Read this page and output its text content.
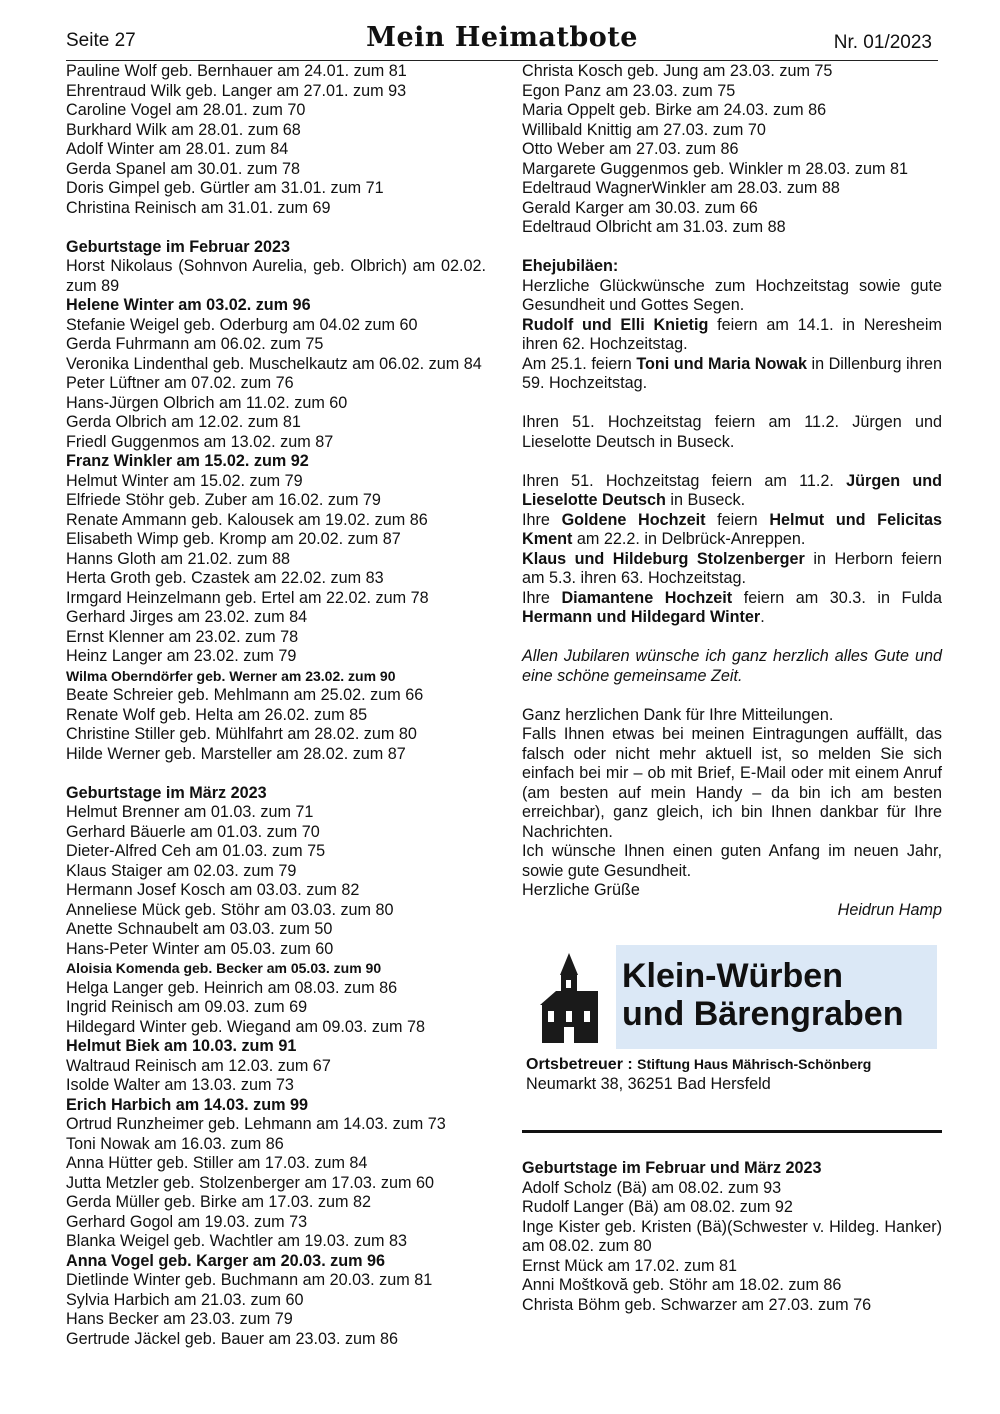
Seite 27	Mein Heimatbote	Nr. 01/2023

Pauline Wolf geb. Bernhauer am 24.01. zum 81

Ehrentraud Wilk geb. Langer am 27.01. zum 93

Caroline Vogel am 28.01. zum 70

Burkhard Wilk am 28.01. zum 68

Adolf Winter am 28.01. zum 84

Gerda Spanel am 30.01. zum 78

Doris Gimpel geb. Gürtler am 31.01. zum 71

Christina Reinisch am 31.01. zum 69

Geburtstage im Februar 2023

Horst Nikolaus (Sohnvon Aurelia, geb. Olbrich) am 02.02. zum 89

Helene Winter am 03.02. zum 96

Stefanie Weigel geb. Oderburg am 04.02 zum 60

Gerda Fuhrmann am 06.02. zum 75

Veronika Lindenthal geb. Muschelkautz am 06.02. zum 84

Peter Lüftner am 07.02. zum 76

Hans-Jürgen Olbrich am 11.02. zum 60

Gerda Olbrich am 12.02. zum 81

Friedl Guggenmos am 13.02. zum 87

Franz Winkler am 15.02. zum 92

Helmut Winter am 15.02. zum 79

Elfriede Stöhr geb. Zuber am 16.02. zum 79

Renate Ammann geb. Kalousek am 19.02. zum 86

Elisabeth Wimp geb. Kromp am 20.02. zum 87

Hanns Gloth am 21.02. zum 88

Herta Groth geb. Czastek am 22.02. zum 83

Irmgard Heinzelmann geb. Ertel am 22.02. zum 78

Gerhard Jirges am 23.02. zum 84

Ernst Klenner am 23.02. zum 78

Heinz Langer am 23.02. zum 79

Wilma Oberndörfer geb. Werner am 23.02. zum 90

Beate Schreier geb. Mehlmann am 25.02. zum 66

Renate Wolf geb. Helta am 26.02. zum 85

Christine Stiller geb. Mühlfahrt am 28.02. zum 80

Hilde Werner geb. Marsteller am 28.02. zum 87

Geburtstage im März 2023

Helmut Brenner am 01.03. zum 71

Gerhard Bäuerle am 01.03. zum 70

Dieter-Alfred Ceh am 01.03. zum 75

Klaus Staiger am 02.03. zum 79

Hermann Josef Kosch am 03.03. zum 82

Anneliese Mück geb. Stöhr am 03.03. zum 80

Anette Schnaubelt am 03.03. zum 50

Hans-Peter Winter am 05.03. zum 60

Aloisia Komenda geb. Becker am 05.03. zum 90

Helga Langer geb. Heinrich am 08.03. zum 86

Ingrid Reinisch am 09.03. zum 69

Hildegard Winter geb. Wiegand am 09.03. zum 78

Helmut Biek am 10.03. zum 91

Waltraud Reinisch am 12.03. zum 67

Isolde Walter am 13.03. zum 73

Erich Harbich am 14.03. zum 99

Ortrud Runzheimer geb. Lehmann am 14.03. zum 73

Toni Nowak am 16.03. zum 86

Anna Hütter geb. Stiller am 17.03. zum 84

Jutta Metzler geb. Stolzenberger am 17.03. zum 60

Gerda Müller geb. Birke am 17.03. zum 82

Gerhard Gogol am 19.03. zum 73

Blanka Weigel geb. Wachtler am 19.03. zum 83

Anna Vogel geb. Karger am 20.03. zum 96

Dietlinde Winter geb. Buchmann am 20.03. zum 81

Sylvia Harbich am 21.03. zum 60

Hans Becker am 23.03. zum 79

Gertrude Jäckel geb. Bauer am 23.03. zum 86

Christa Kosch geb. Jung am 23.03. zum 75

Egon Panz am 23.03. zum 75

Maria Oppelt geb. Birke am 24.03. zum 86

Willibald Knittig am 27.03. zum 70

Otto Weber am 27.03. zum 86

Margarete Guggenmos geb. Winkler m 28.03. zum 81

Edeltraud WagnerWinkler am 28.03. zum 88

Gerald Karger am 30.03. zum 66

Edeltraud Olbricht am 31.03. zum 88

Ehejubiläen:

Herzliche Glückwünsche zum Hochzeitstag sowie gute Gesundheit und Gottes Segen.

Rudolf und Elli Knietig feiern am 14.1. in Neresheim ihren 62. Hochzeitstag.

Am 25.1. feiern Toni und Maria Nowak in Dillenburg ihren 59. Hochzeitstag.

Ihren 51. Hochzeitstag feiern am 11.2. Jürgen und Lieselotte Deutsch in Buseck.

Ihren 51. Hochzeitstag feiern am 11.2. Jürgen und Lieselotte Deutsch in Buseck.

Ihre Goldene Hochzeit feiern Helmut und Felicitas Kment am 22.2. in Delbrück-Anreppen.

Klaus und Hildeburg Stolzenberger in Herborn feiern am 5.3. ihren 63. Hochzeitstag.

Ihre Diamantene Hochzeit feiern am 30.3. in Fulda Hermann und Hildegard Winter.

Allen Jubilaren wünsche ich ganz herzlich alles Gute und eine schöne gemeinsame Zeit.

Ganz herzlichen Dank für Ihre Mitteilungen.

Falls Ihnen etwas bei meinen Eintragungen auffällt, das falsch oder nicht mehr aktuell ist, so melden Sie sich einfach bei mir – ob mit Brief, E-Mail oder mit einem Anruf (am besten auf mein Handy – da bin ich am besten erreichbar), ganz gleich, ich bin Ihnen dankbar für Ihre Nachrichten.

Ich wünsche Ihnen einen guten Anfang im neuen Jahr, sowie gute Gesundheit.

Herzliche Grüße

Heidrun Hamp

Klein-Würben
und Bärengraben

Ortsbetreuer : Stiftung Haus Mährisch-Schönberg

Neumarkt 38, 36251 Bad Hersfeld

Geburtstage im Februar und März 2023

Adolf Scholz (Bä) am 08.02. zum 93

Rudolf Langer (Bä) am 08.02. zum 92

Inge Kister geb. Kristen (Bä)(Schwester v. Hildeg. Hanker) am 08.02. zum 80

Ernst Mück am 17.02. zum 81

Anni Moštkovă geb. Stöhr am 18.02. zum 86

Christa Böhm geb. Schwarzer am 27.03. zum 76
